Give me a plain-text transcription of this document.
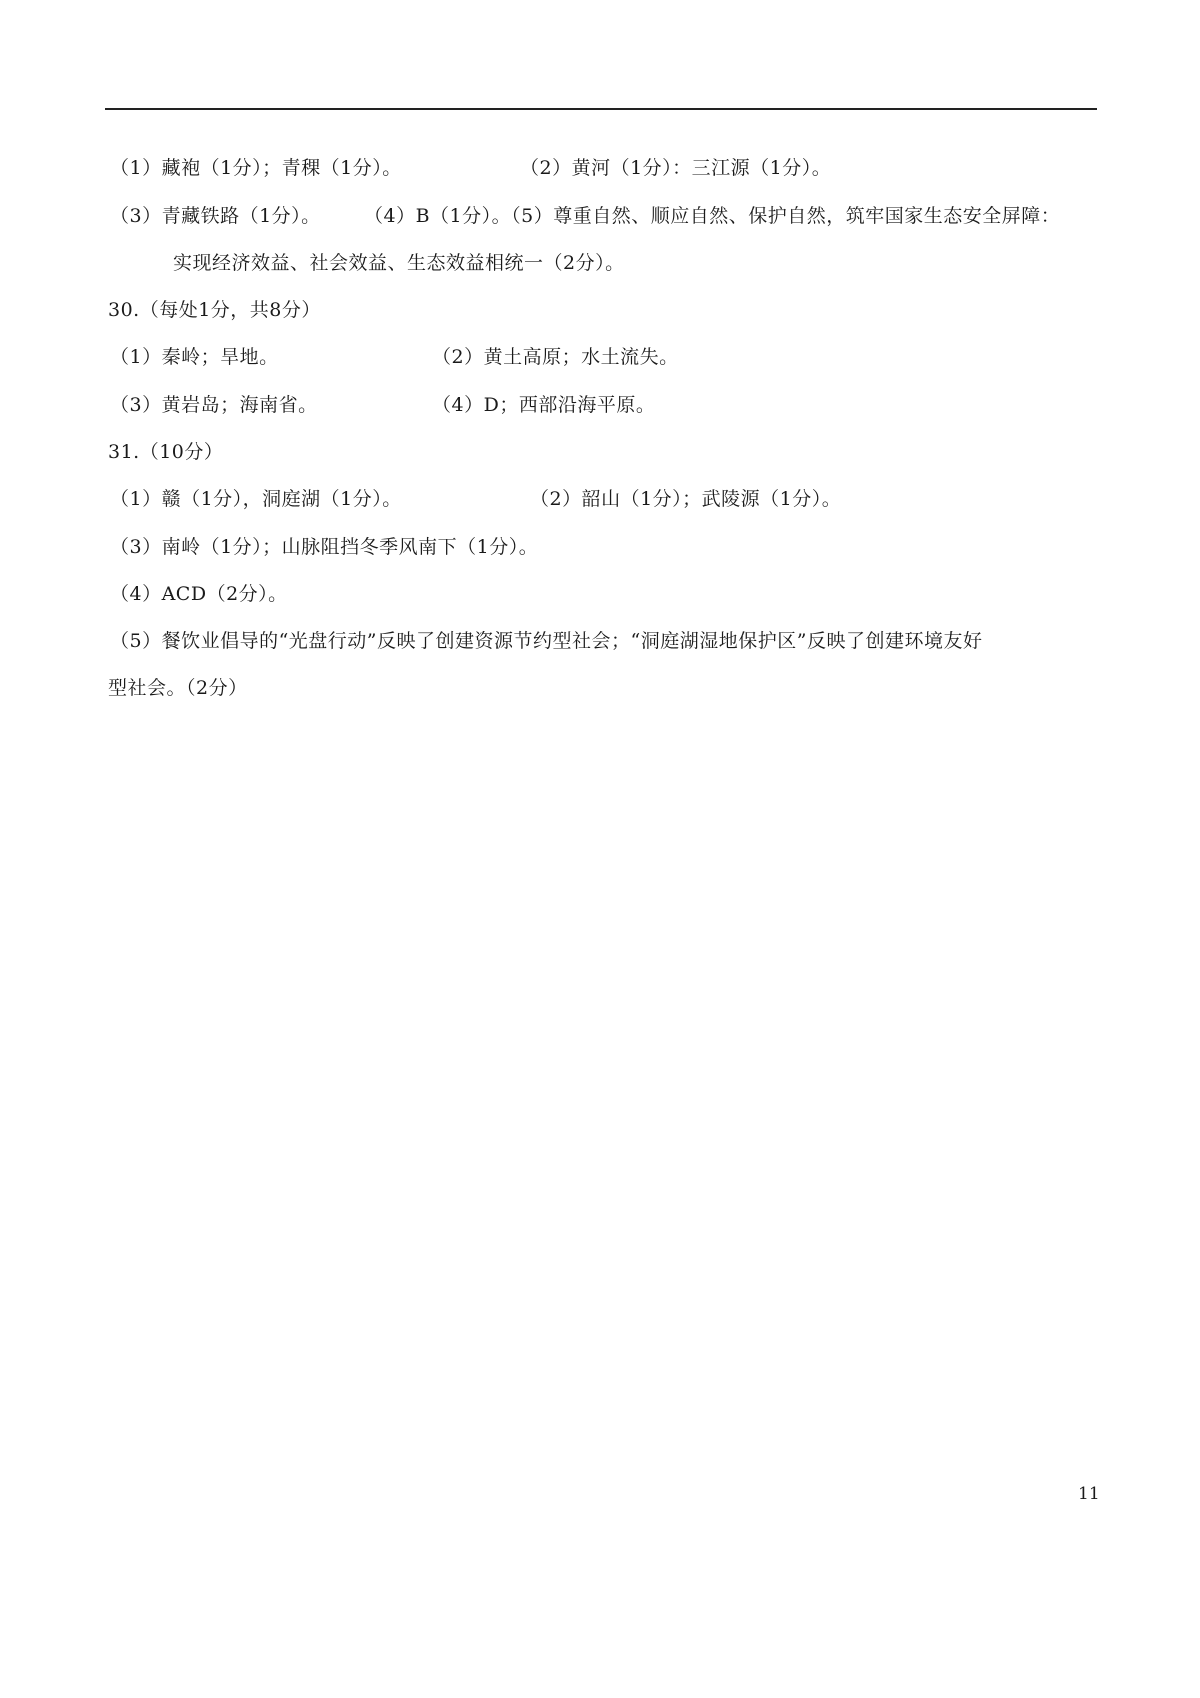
（1）藏袍（1分）；青稞（1分）。	（2）黄河（1分）：三江源（1分）。
（3）青藏铁路（1分）。 （4）B（1分）。（5）尊重自然、顺应自然、保护自然，筑牢国家生态安全屏障：
实现经济效益、社会效益、生态效益相统一（2分）。
30.（每处1分，共8分）
（1）秦岭；旱地。	（2）黄土高原；水土流失。
（3）黄岩岛；海南省。	（4）D；西部沿海平原。
31.（10分）
（1）赣（1分），洞庭湖（1分）。	（2）韶山（1分）；武陵源（1分）。
（3）南岭（1分）；山脉阻挡冬季风南下（1分）。
（4）ACD（2分）。
（5）餐饮业倡导的“光盘行动”反映了创建资源节约型社会；“洞庭湖湿地保护区”反映了创建环境友好
型社会。（2分）
11
